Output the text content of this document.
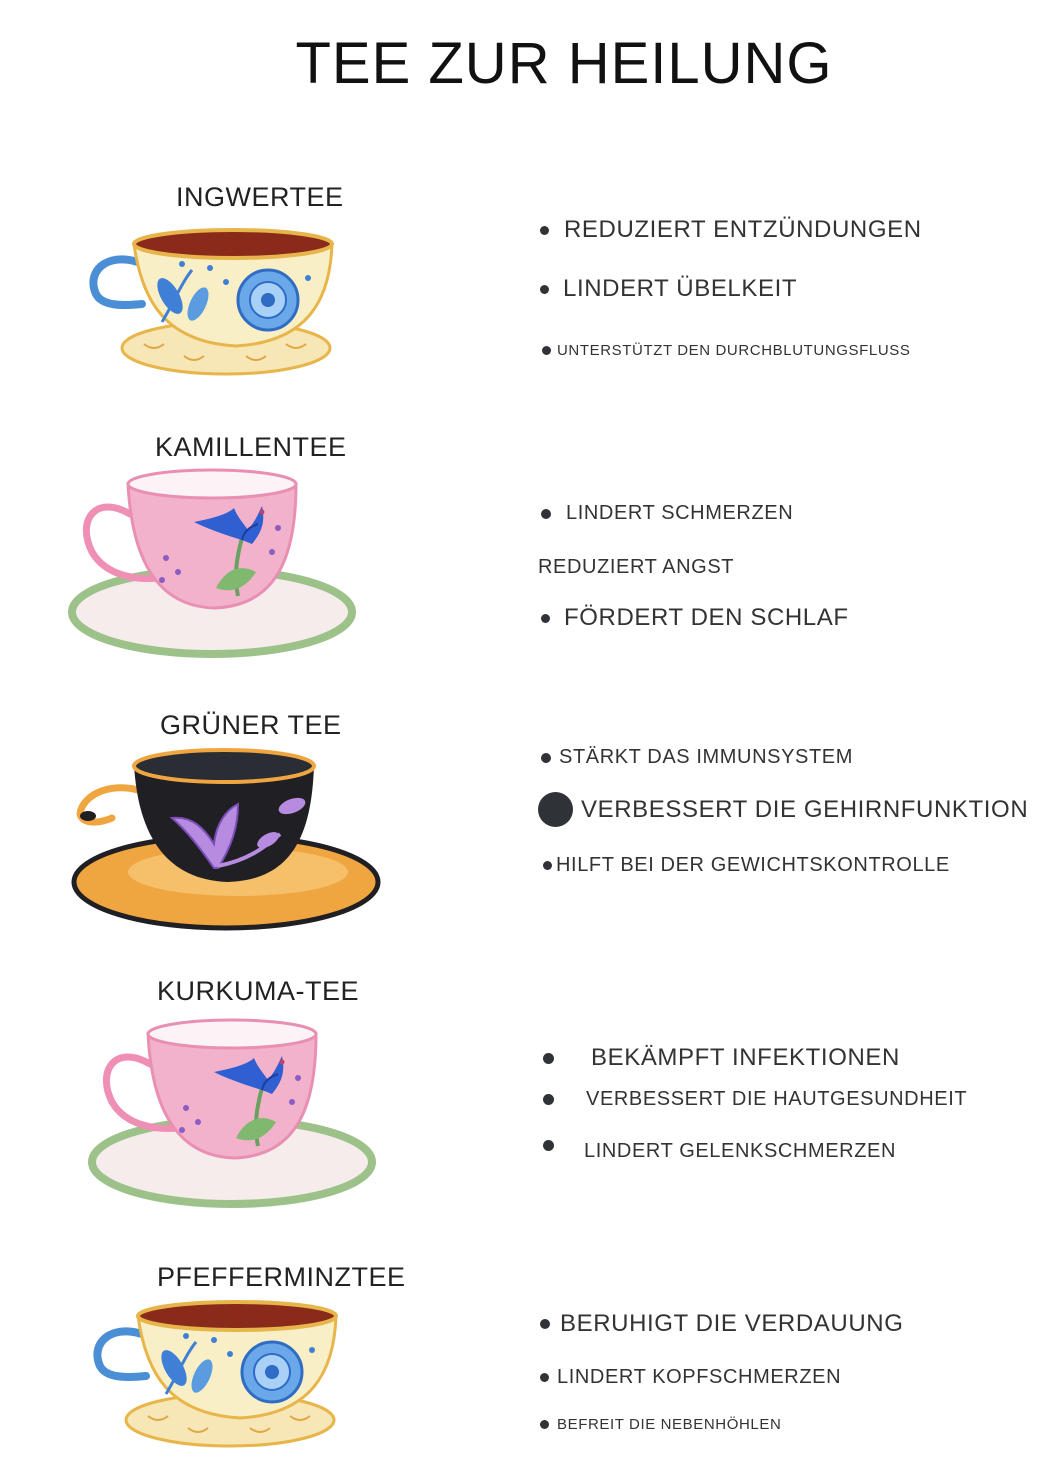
TEE ZUR HEILUNG
INGWERTEE
REDUZIERT ENTZÜNDUNGEN
LINDERT ÜBELKEIT
UNTERSTÜTZT DEN DURCHBLUTUNGSFLUSS
KAMILLENTEE
LINDERT SCHMERZEN
REDUZIERT ANGST
FÖRDERT DEN SCHLAF
GRÜNER TEE
STÄRKT DAS IMMUNSYSTEM
VERBESSERT DIE GEHIRNFUNKTION
HILFT BEI DER GEWICHTSKONTROLLE
KURKUMA-TEE
BEKÄMPFT INFEKTIONEN
VERBESSERT DIE HAUTGESUNDHEIT
LINDERT GELENKSCHMERZEN
PFEFFERMINZTEE
BERUHIGT DIE VERDAUUNG
LINDERT KOPFSCHMERZEN
BEFREIT DIE NEBENHÖHLEN
